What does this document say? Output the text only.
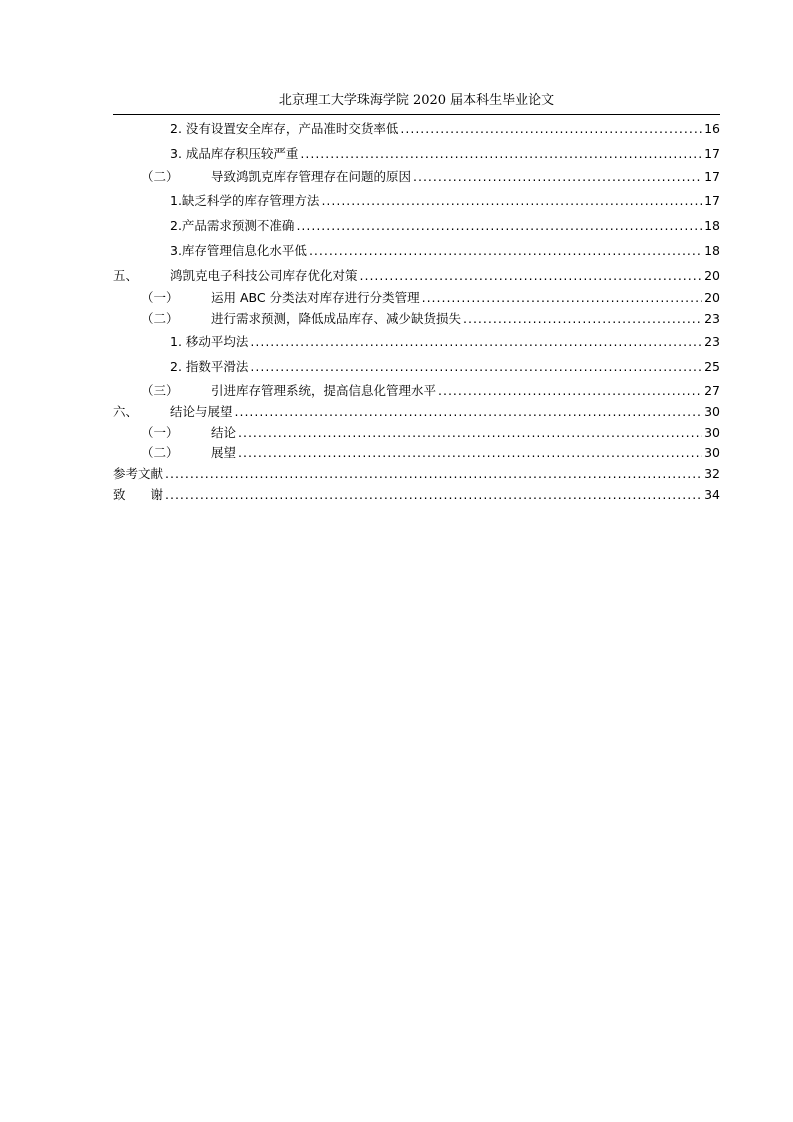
北京理工大学珠海学院 2020 届本科生毕业论文
2. 没有设置安全库存，产品准时交货率低 .....	16
3. 成品库存积压较严重 .....	17
（二）	导致鸿凯克库存管理存在问题的原因 .....	17
1.缺乏科学的库存管理方法 .....	17
2.产品需求预测不准确 .....	18
3.库存管理信息化水平低 .....	18
五、	鸿凯克电子科技公司库存优化对策 .....	20
（一）	运用 ABC 分类法对库存进行分类管理 .....	20
（二）	进行需求预测，降低成品库存、减少缺货损失 .....	23
1. 移动平均法 .....	23
2. 指数平滑法 .....	25
（三）	引进库存管理系统，提高信息化管理水平 .....	27
六、	结论与展望 .....	30
（一）	结论 .....	30
（二）	展望 .....	30
参考文献 .....	32
致　　谢 .....	34
